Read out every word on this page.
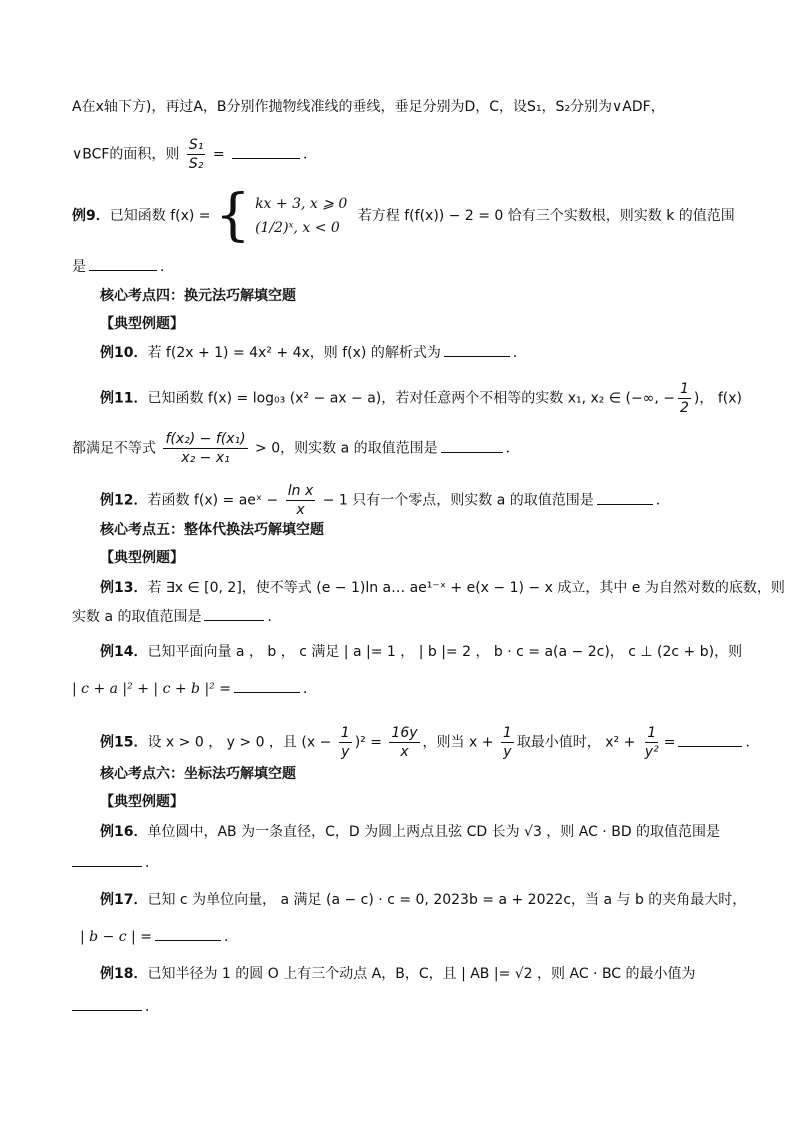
A在x轴下方)，再过A，B分别作抛物线准线的垂线，垂足分别为D，C，设S₁，S₂分别为∨ADF，
∨BCF的面积，则 $\frac{\text{S₁}}{\text{S₂}}$ =	．
例9．已知函数 f(x) = { kx + 3, x ⩾ 0
(1/2)ˣ, x < 0
若方程 f(f(x)) − 2 = 0 恰有三个实数根，则实数 k 的值范围
是	．
核心考点四：换元法巧解填空题
【典型例题】
例10．若 f(2x + 1) = 4x² + 4x，则 f(x) 的解析式为	．
例11．已知函数 f(x) = log₀₃ (x² − ax − a)，若对任意两个不相等的实数 x₁, x₂ ∈ (−∞, − $\frac{1}{2}$ )， f(x)
都满足不等式 $\frac{\text{f(x₂) − f(x₁)}}{\text{x₂ − x₁}} > 0$，则实数 a 的取值范围是	．
例12．若函数 f(x) = aeˣ − $\frac{\text{ln x}}{x} - 1$ 只有一个零点，则实数 a 的取值范围是	．
核心考点五：整体代换法巧解填空题
【典型例题】
例13．若 ∃x ∈ [0, 2]，使不等式 (e − 1)ln a… ae¹⁻ˣ + e(x − 1) − x 成立，其中 e 为自然对数的底数，则
实数 a 的取值范围是	．
例14．已知平面向量 a ， b ， c 满足 | a |= 1 ， | b |= 2 ， b · c = a(a − 2c)， c ⊥ (2c + b)，则
| c + a |² + | c + b |² =	．
例15．设 x > 0 ， y > 0 ，且 $(x - \frac{1}{y} )^2 = \frac{16y}{x}$ ，则当 $x + \frac{1}{y}$ 取最小值时， $x^2 + \frac{1}{\text{y²}}$ =	．
核心考点六：坐标法巧解填空题
【典型例题】
例16．单位圆中，AB 为一条直径，C，D 为圆上两点且弦 CD 长为 √3 ，则 AC · BD 的取值范围是
．
例17．已知 c 为单位向量， a 满足 (a − c) · c = 0, 2023b = a + 2022c，当 a 与 b 的夹角最大时，
| b − c | =	．
例18．已知半径为 1 的圆 O 上有三个动点 A，B，C，且 | AB |= √2 ，则 AC · BC 的最小值为
．
